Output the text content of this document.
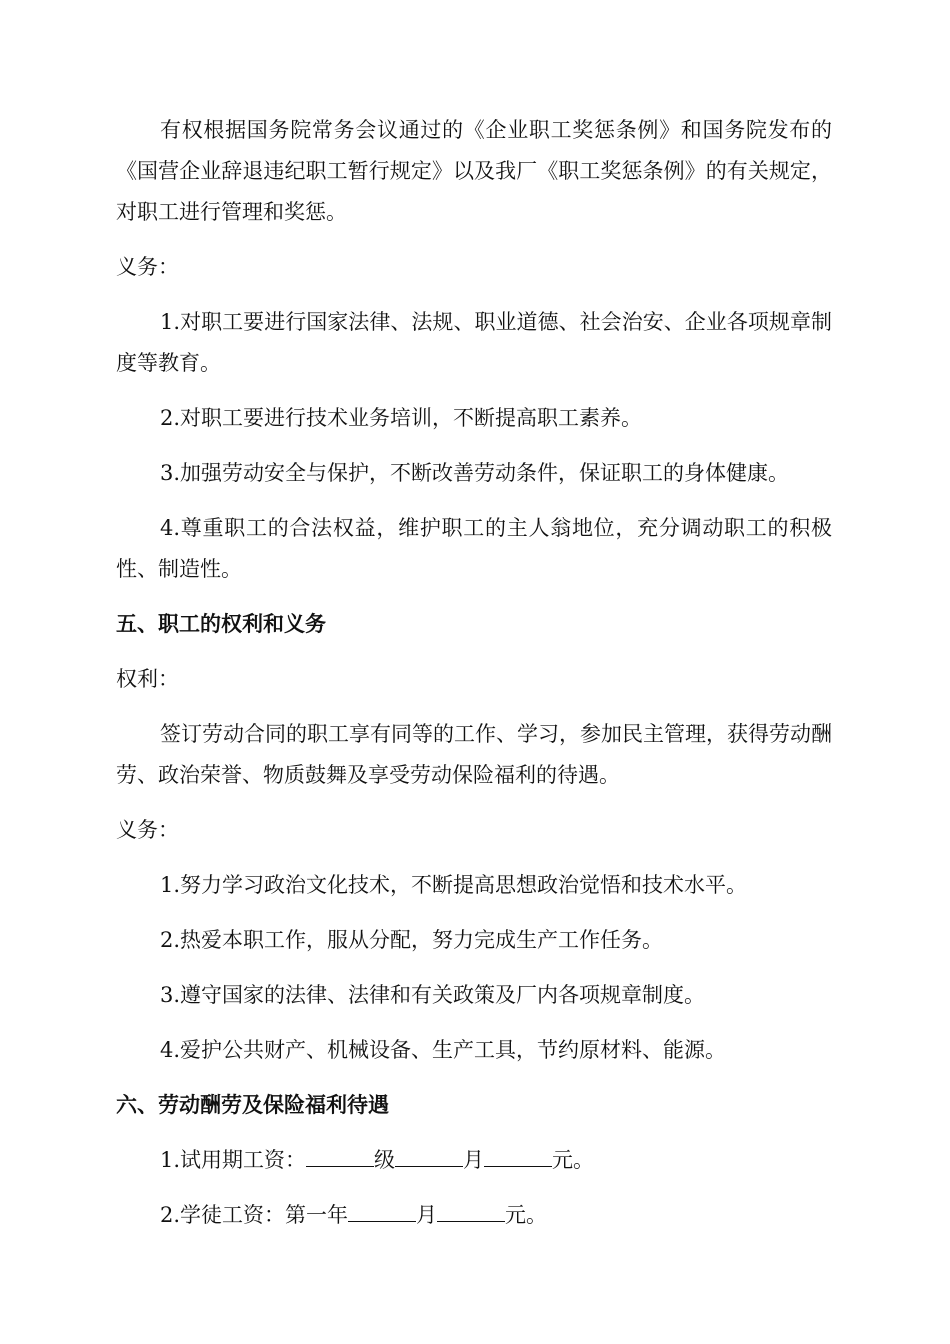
有权根据国务院常务会议通过的《企业职工奖惩条例》和国务院发布的《国营企业辞退违纪职工暂行规定》以及我厂《职工奖惩条例》的有关规定，对职工进行管理和奖惩。

义务：

1.对职工要进行国家法律、法规、职业道德、社会治安、企业各项规章制度等教育。

2.对职工要进行技术业务培训，不断提高职工素养。

3.加强劳动安全与保护，不断改善劳动条件，保证职工的身体健康。

4.尊重职工的合法权益，维护职工的主人翁地位，充分调动职工的积极性、制造性。

五、职工的权利和义务

权利：

签订劳动合同的职工享有同等的工作、学习，参加民主管理，获得劳动酬劳、政治荣誉、物质鼓舞及享受劳动保险福利的待遇。

义务：

1.努力学习政治文化技术，不断提高思想政治觉悟和技术水平。

2.热爱本职工作，服从分配，努力完成生产工作任务。

3.遵守国家的法律、法律和有关政策及厂内各项规章制度。

4.爱护公共财产、机械设备、生产工具，节约原材料、能源。

六、劳动酬劳及保险福利待遇

1.试用期工资：	级	月	元。

2.学徒工资：第一年	月	元。
